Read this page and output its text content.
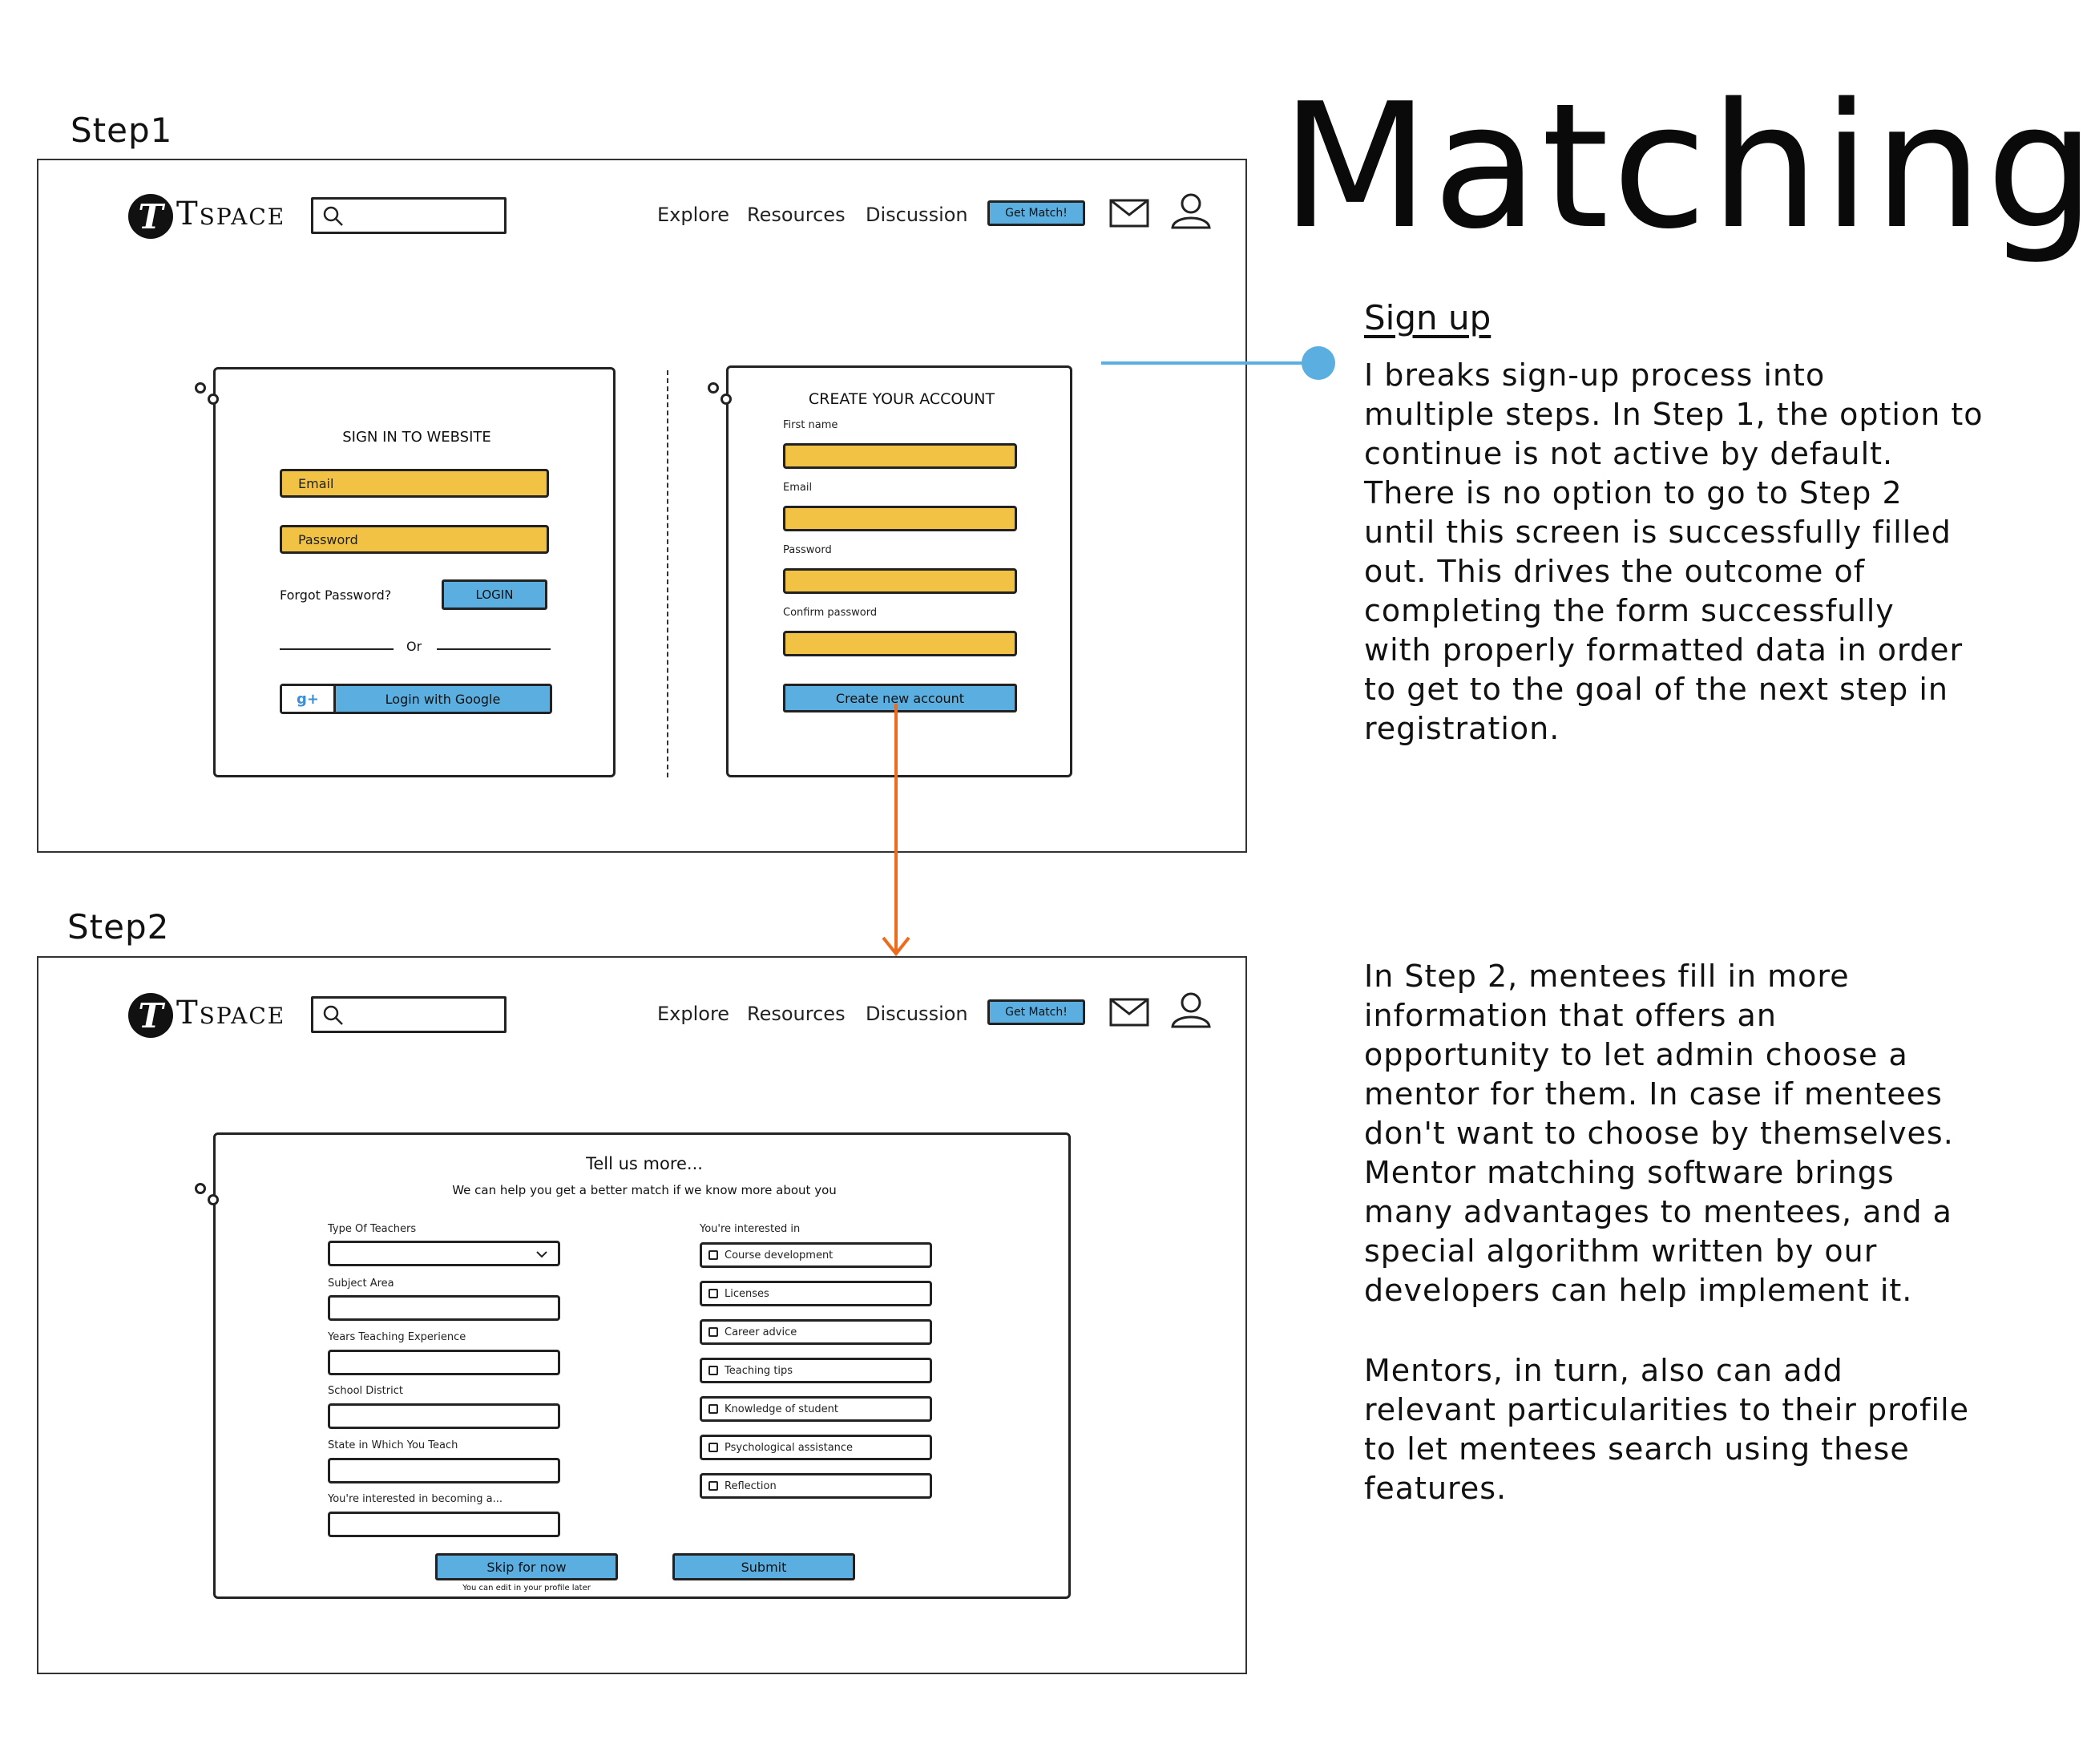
Matching
Step1
T Tspace	Explore Resources Discussion	Get Match!
SIGN IN TO WEBSITE
Email
Password
Forgot Password?	LOGIN
Or
g+	Login with Google
CREATE YOUR ACCOUNT
First name
Email
Password
Confirm password
Create new account
Step2
T Tspace	Explore Resources Discussion	Get Match!
Tell us more...
We can help you get a better match if we know more about you
Type Of Teachers
Subject Area
Years Teaching Experience
School District
State in Which You Teach
You're interested in becoming a...
You're interested in
Course development
Licenses
Career advice
Teaching tips
Knowledge of student
Psychological assistance
Reflection
Skip for now
You can edit in your profile later
Submit
Sign up
I breaks sign-up process into
multiple steps. In Step 1, the option to
continue is not active by default.
There is no option to go to Step 2
until this screen is successfully filled
out. This drives the outcome of
completing the form successfully
with properly formatted data in order
to get to the goal of the next step in
registration.
In Step 2, mentees fill in more
information that offers an
opportunity to let admin choose a
mentor for them. In case if mentees
don't want to choose by themselves.
Mentor matching software brings
many advantages to mentees, and a
special algorithm written by our
developers can help implement it.
Mentors, in turn, also can add
relevant particularities to their profile
to let mentees search using these
features.
